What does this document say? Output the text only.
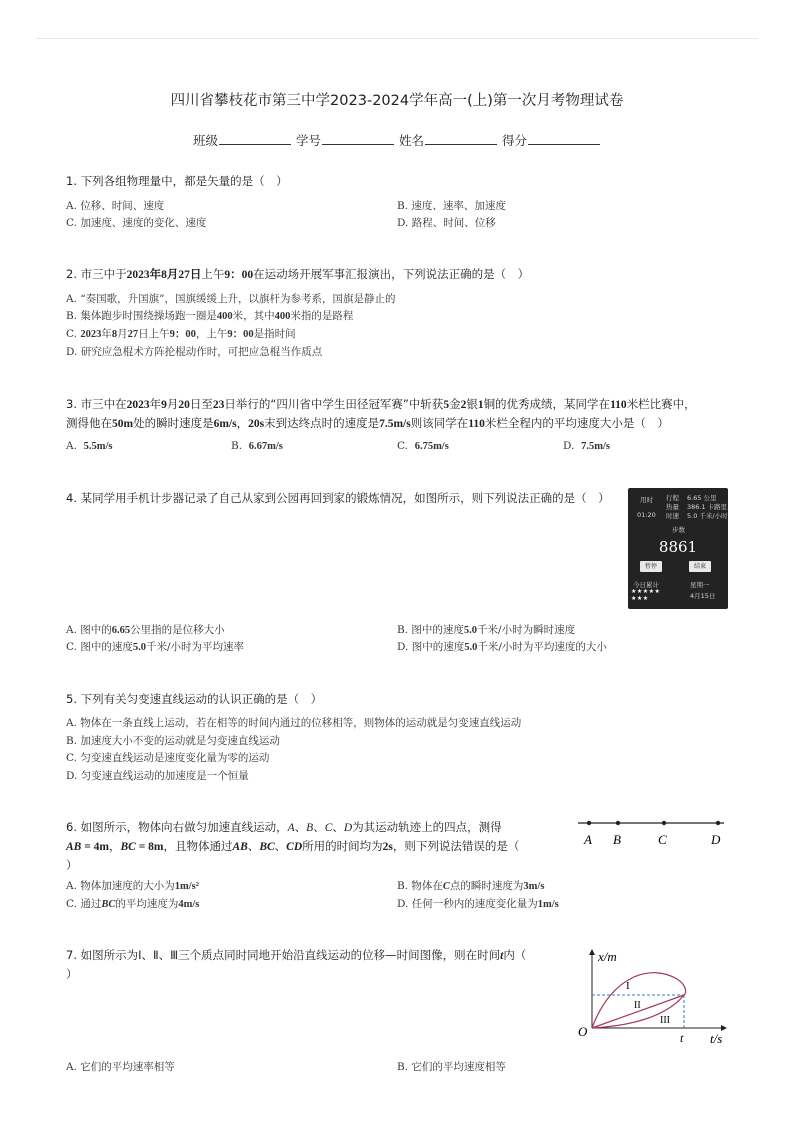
四川省攀枝花市第三中学2023-2024学年高一(上)第一次月考物理试卷
班级	学号	姓名	得分
1. 下列各组物理量中，都是矢量的是（　）
A. 位移、时间、速度	B. 速度、速率、加速度
C. 加速度、速度的变化、速度	D. 路程、时间、位移
2. 市三中于2023年8月27日上午9：00在运动场开展军事汇报演出，下列说法正确的是（　）
A. “奏国歌，升国旗”，国旗缓缓上升，以旗杆为参考系，国旗是静止的
B. 集体跑步时围绕操场跑一圈是400米，其中400米指的是路程
C. 2023年8月27日上午9：00，上午9：00是指时间
D. 研究应急棍术方阵抡棍动作时，可把应急棍当作质点
3. 市三中在2023年9月20日至23日举行的“四川省中学生田径冠军赛”中斩获5金2银1铜的优秀成绩，某同学在110米栏比赛中，
测得他在50m处的瞬时速度是6m/s，20s末到达终点时的速度是7.5m/s则该同学在110米栏全程内的平均速度大小是（　）
A. 5.5m/s	B. 6.67m/s	C. 6.75m/s	D. 7.5m/s
4. 某同学用手机计步器记录了自己从家到公园再回到家的锻炼情况，如图所示，则下列说法正确的是（　）	用时
01:20
行程
热量
时速
6.65 公里
386.1 卡路里
5.0 千米/小时
步数
8861
暂停	结束
今日累计
★★★★★
★★★
星期一
4月15日
A. 图中的6.65公里指的是位移大小	B. 图中的速度5.0千米/小时为瞬时速度
C. 图中的速度5.0千米/小时为平均速率	D. 图中的速度5.0千米/小时为平均速度的大小
5. 下列有关匀变速直线运动的认识正确的是（　）
A. 物体在一条直线上运动，若在相等的时间内通过的位移相等，则物体的运动就是匀变速直线运动
B. 加速度大小不变的运动就是匀变速直线运动
C. 匀变速直线运动是速度变化量为零的运动
D. 匀变速直线运动的加速度是一个恒量
6. 如图所示，物体向右做匀加速直线运动，A、B、C、D为其运动轨迹上的四点，测得
AB = 4m，BC = 8m，且物体通过AB、BC、CD所用的时间均为2s，则下列说法错误的是（
）
A B	C	D
A. 物体加速度的大小为1m/s²	B. 物体在C点的瞬时速度为3m/s
C. 通过BC的平均速度为4m/s	D. 任何一秒内的速度变化量为1m/s
7. 如图所示为Ⅰ、Ⅱ、Ⅲ三个质点同时同地开始沿直线运动的位移—时间图像，则在时间t内（
）
x/m
t/s
O	t
I
II
III
A. 它们的平均速率相等	B. 它们的平均速度相等
